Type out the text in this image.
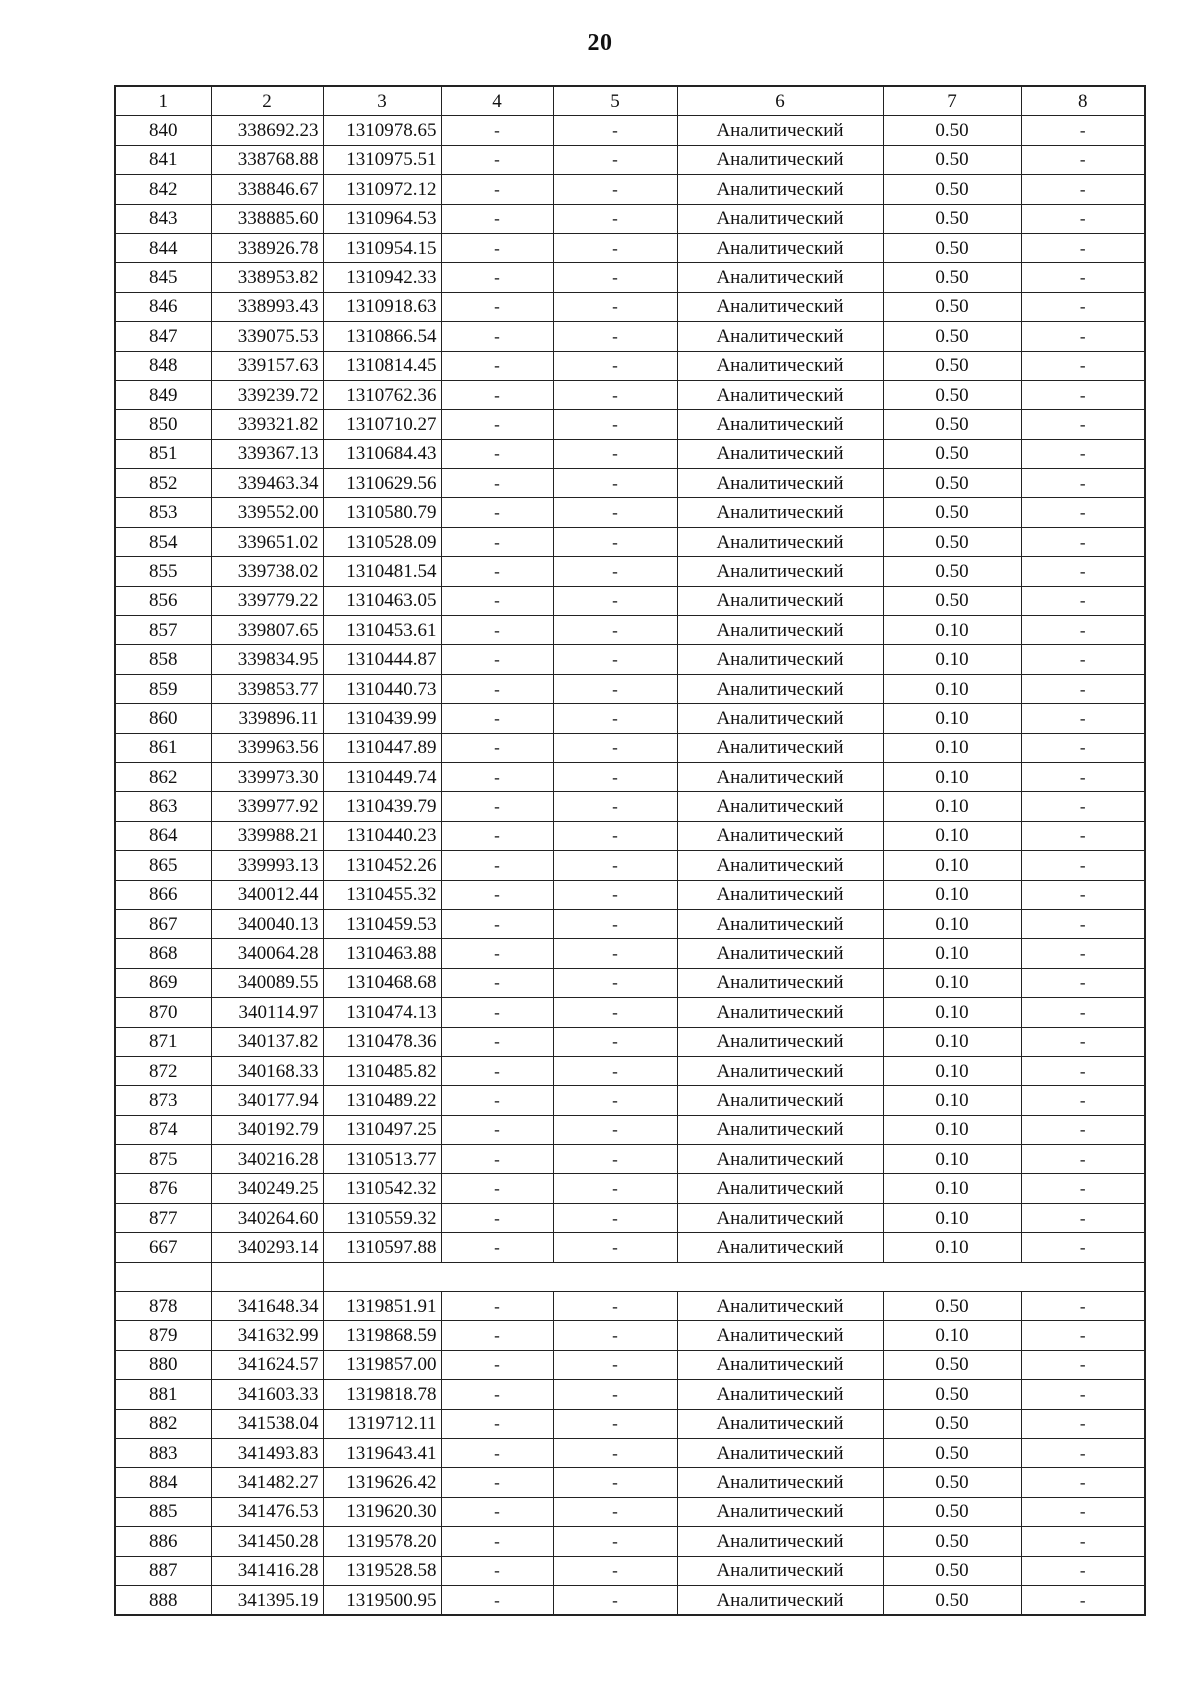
20
1	2	3	4	5	6	7	8
840	338692.23	1310978.65	-	-	Аналитический	0.50	-
841	338768.88	1310975.51	-	-	Аналитический	0.50	-
842	338846.67	1310972.12	-	-	Аналитический	0.50	-
843	338885.60	1310964.53	-	-	Аналитический	0.50	-
844	338926.78	1310954.15	-	-	Аналитический	0.50	-
845	338953.82	1310942.33	-	-	Аналитический	0.50	-
846	338993.43	1310918.63	-	-	Аналитический	0.50	-
847	339075.53	1310866.54	-	-	Аналитический	0.50	-
848	339157.63	1310814.45	-	-	Аналитический	0.50	-
849	339239.72	1310762.36	-	-	Аналитический	0.50	-
850	339321.82	1310710.27	-	-	Аналитический	0.50	-
851	339367.13	1310684.43	-	-	Аналитический	0.50	-
852	339463.34	1310629.56	-	-	Аналитический	0.50	-
853	339552.00	1310580.79	-	-	Аналитический	0.50	-
854	339651.02	1310528.09	-	-	Аналитический	0.50	-
855	339738.02	1310481.54	-	-	Аналитический	0.50	-
856	339779.22	1310463.05	-	-	Аналитический	0.50	-
857	339807.65	1310453.61	-	-	Аналитический	0.10	-
858	339834.95	1310444.87	-	-	Аналитический	0.10	-
859	339853.77	1310440.73	-	-	Аналитический	0.10	-
860	339896.11	1310439.99	-	-	Аналитический	0.10	-
861	339963.56	1310447.89	-	-	Аналитический	0.10	-
862	339973.30	1310449.74	-	-	Аналитический	0.10	-
863	339977.92	1310439.79	-	-	Аналитический	0.10	-
864	339988.21	1310440.23	-	-	Аналитический	0.10	-
865	339993.13	1310452.26	-	-	Аналитический	0.10	-
866	340012.44	1310455.32	-	-	Аналитический	0.10	-
867	340040.13	1310459.53	-	-	Аналитический	0.10	-
868	340064.28	1310463.88	-	-	Аналитический	0.10	-
869	340089.55	1310468.68	-	-	Аналитический	0.10	-
870	340114.97	1310474.13	-	-	Аналитический	0.10	-
871	340137.82	1310478.36	-	-	Аналитический	0.10	-
872	340168.33	1310485.82	-	-	Аналитический	0.10	-
873	340177.94	1310489.22	-	-	Аналитический	0.10	-
874	340192.79	1310497.25	-	-	Аналитический	0.10	-
875	340216.28	1310513.77	-	-	Аналитический	0.10	-
876	340249.25	1310542.32	-	-	Аналитический	0.10	-
877	340264.60	1310559.32	-	-	Аналитический	0.10	-
667	340293.14	1310597.88	-	-	Аналитический	0.10	-

878	341648.34	1319851.91	-	-	Аналитический	0.50	-
879	341632.99	1319868.59	-	-	Аналитический	0.10	-
880	341624.57	1319857.00	-	-	Аналитический	0.50	-
881	341603.33	1319818.78	-	-	Аналитический	0.50	-
882	341538.04	1319712.11	-	-	Аналитический	0.50	-
883	341493.83	1319643.41	-	-	Аналитический	0.50	-
884	341482.27	1319626.42	-	-	Аналитический	0.50	-
885	341476.53	1319620.30	-	-	Аналитический	0.50	-
886	341450.28	1319578.20	-	-	Аналитический	0.50	-
887	341416.28	1319528.58	-	-	Аналитический	0.50	-
888	341395.19	1319500.95	-	-	Аналитический	0.50	-
